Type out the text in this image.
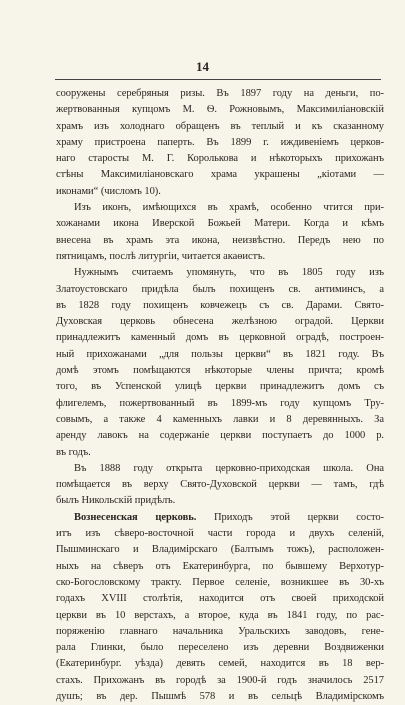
14
сооружены серебряныя ризы. Въ 1897 году на деньги, по-
жертвованныя купцомъ М. Ѳ. Рожновымъ, Максимиліановскій
храмъ изъ холоднаго обращенъ въ теплый и къ сказанному
храму пристроена паперть. Въ 1899 г. иждивеніемъ церков-
наго старосты М. Г. Королькова и нѣкоторыхъ прихожанъ
стѣны Максимиліановскаго храма украшены „кіотами —
иконами“ (числомъ 10).
Изъ иконъ, имѣющихся въ храмѣ, особенно чтится при-
хожанами икона Иверской Божьей Матери. Когда и кѣмъ
внесена въ храмъ эта икона, неизвѣстно. Передъ нею по
пятницамъ, послѣ литургіи, читается акаѳистъ.
Нужнымъ считаемъ упомянуть, что въ 1805 году изъ
Златоустовскаго придѣла былъ похищенъ св. антиминсъ, а
въ 1828 году похищенъ ковчежецъ съ св. Дарами. Свято-
Духовская церковь обнесена желѣзною оградой. Церкви
принадлежитъ каменный домъ въ церковной оградѣ, построен-
ный прихожанами „для пользы церкви“ въ 1821 году. Въ
домѣ этомъ помѣщаются нѣкоторые члены причта; кромѣ
того, въ Успенской улицѣ церкви принадлежитъ домъ съ
флигелемъ, пожертвованный въ 1899-мъ году купцомъ Тру-
совымъ, а также 4 каменныхъ лавки и 8 деревянныхъ. За
аренду лавокъ на содержаніе церкви поступаетъ до 1000 р.
въ годъ.
Въ 1888 году открыта церковно-приходская школа. Она
помѣщается въ верху Свято-Духовской церкви — тамъ, гдѣ
былъ Никольскій придѣлъ.
Вознесенская церковь. Приходъ этой церкви состо-
итъ изъ сѣверо-восточной части города и двухъ селеній,
Пышминскаго и Владимірскаго (Балтымъ тожъ), расположен-
ныхъ на сѣверъ отъ Екатеринбурга, по бывшему Верхотур-
ско-Богословскому тракту. Первое селеніе, возникшее въ 30-хъ
годахъ XVIII столѣтія, находится отъ своей приходской
церкви въ 10 верстахъ, а второе, куда въ 1841 году, по рас-
поряженію главнаго начальника Уральскихъ заводовъ, гене-
рала Глинки, было переселено изъ деревни Воздвиженки
(Екатеринбург. уѣзда) девять семей, находится въ 18 вер-
стахъ. Прихожанъ въ городѣ за 1900-й годъ значилось 2517
душъ; въ дер. Пышмѣ 578 и въ сельцѣ Владимірскомъ
